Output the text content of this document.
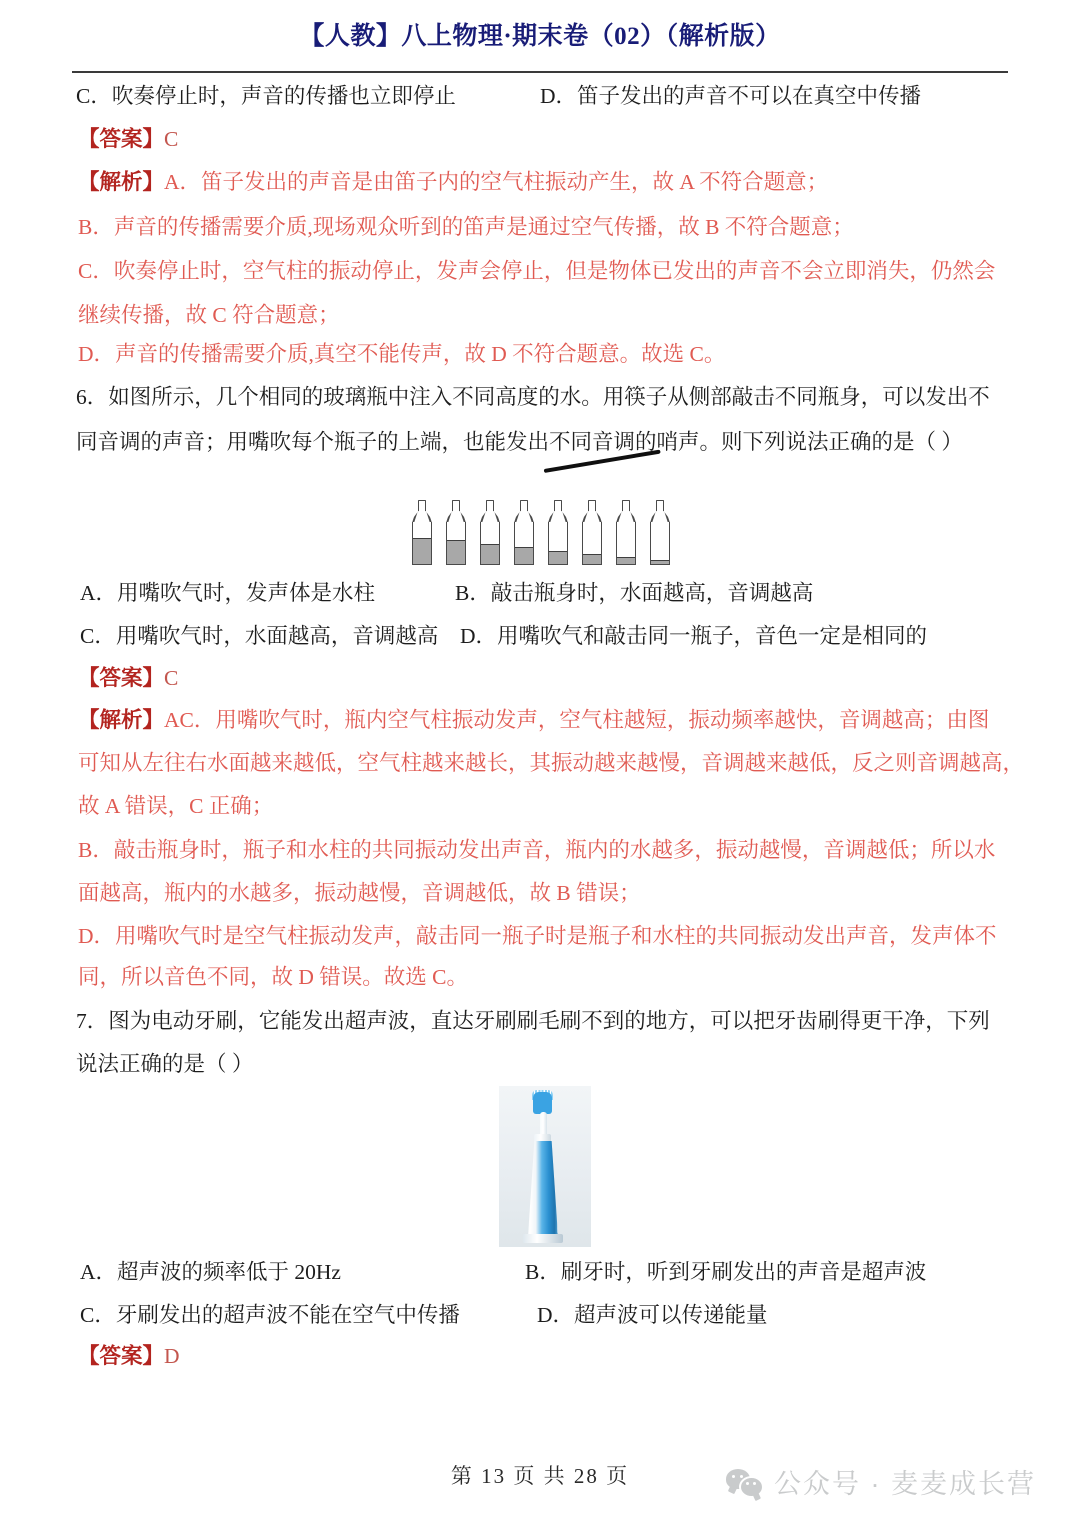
【人教】八上物理·期末卷（02）（解析版）
C．吹奏停止时，声音的传播也立即停止	D．笛子发出的声音不可以在真空中传播
【答案】C
【解析】A．笛子发出的声音是由笛子内的空气柱振动产生，故 A 不符合题意；
B．声音的传播需要介质,现场观众听到的笛声是通过空气传播，故 B 不符合题意；
C．吹奏停止时，空气柱的振动停止，发声会停止，但是物体已发出的声音不会立即消失，仍然会
继续传播，故 C 符合题意；
D．声音的传播需要介质,真空不能传声，故 D 不符合题意。故选 C。
6．如图所示，几个相同的玻璃瓶中注入不同高度的水。用筷子从侧部敲击不同瓶身，可以发出不
同音调的声音；用嘴吹每个瓶子的上端，也能发出不同音调的哨声。则下列说法正确的是（ ）
A．用嘴吹气时，发声体是水柱	B．敲击瓶身时，水面越高，音调越高
C．用嘴吹气时，水面越高，音调越高 D．用嘴吹气和敲击同一瓶子，音色一定是相同的
【答案】C
【解析】AC．用嘴吹气时，瓶内空气柱振动发声，空气柱越短，振动频率越快，音调越高；由图
可知从左往右水面越来越低，空气柱越来越长，其振动越来越慢，音调越来越低，反之则音调越高，
故 A 错误，C 正确；
B．敲击瓶身时，瓶子和水柱的共同振动发出声音，瓶内的水越多，振动越慢，音调越低；所以水
面越高，瓶内的水越多，振动越慢，音调越低，故 B 错误；
D．用嘴吹气时是空气柱振动发声，敲击同一瓶子时是瓶子和水柱的共同振动发出声音，发声体不
同，所以音色不同，故 D 错误。故选 C。
7．图为电动牙刷，它能发出超声波，直达牙刷刷毛刷不到的地方，可以把牙齿刷得更干净，下列
说法正确的是（ ）
A．超声波的频率低于 20Hz	B．刷牙时，听到牙刷发出的声音是超声波
C．牙刷发出的超声波不能在空气中传播	D．超声波可以传递能量
【答案】D
第 13 页 共 28 页	公众号 · 麦麦成长营
